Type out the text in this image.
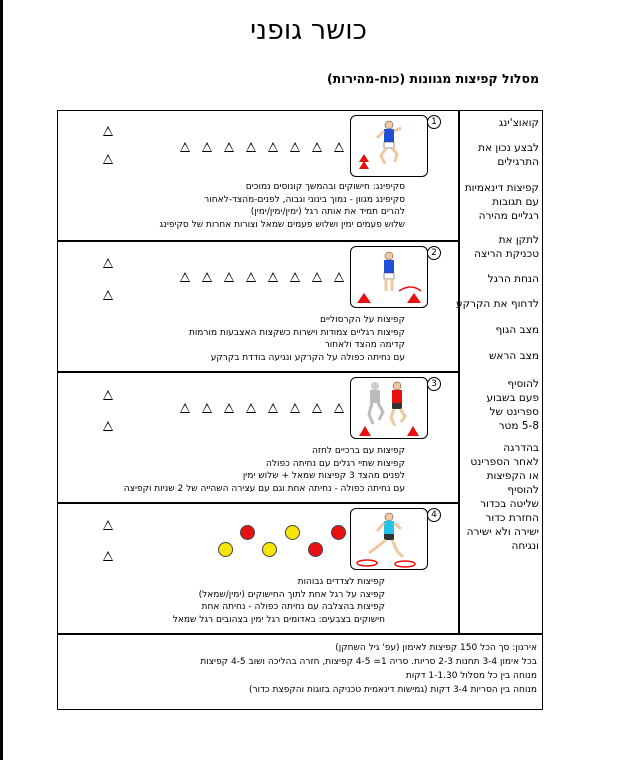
כושר גופני
מסלול קפיצות מגוונות (כוח-מהירות)
קואוצ'ינג
לבצע נכון את
התרגילים
קפיצות דינאמיות
עם תגובות
רגליים מהירה
לתקן את
טכניקת הריצה
הנחת הרגל
לדחוף את הקרקע
מצב הגוף
מצב הראש
להוסיף
פעם בשבוע
ספרינט של
5-8 מטר
בהדרגה
לאחר הספרינט
או הקפיצות
להוסיף
שליטה בכדור
החזרת כדור
ישירה ולא ישירה
ונגיחה
1
סקיפינג: חישוקים ובהמשך קונוסים נמוכים
סקיפינג מגוון - נמוך בינוני וגבוה, לפנים-מהצד-לאחור
להרים תמיד את אותה רגל (ימין/ימין/ימין)
שלוש פעמים ימין ושלוש פעמים שמאל וצורות אחרות של סקיפינג
2
קפיצות על הקרסוליים
קפיצות רגליים צמודות וישרות כשקצות האצבעות מורמות
קדימה מהצד ולאחור
עם נחיתה כפולה על הקרקע ונגיעה בודדת בקרקע
3
קפיצות עם ברכיים לחזה
קפיצות שתיי רגלים עם נחיתה כפולה
לפנים מהצד 3 קפיצות שמאל + שלוש ימין
עם נחיתה כפולה - נחיתה אחת וגם עם עצירה השהייה של 2 שניות וקפיצה
4
קפיצות לצדדים גבוהות
קפיצה על רגל אחת לתוך החישוקים (ימין/שמאל)
קפיצות בהצלבה עם נחיתה כפולה - נחיתה אחת
חישוקים בצבעים: באדומים רגל ימין בצהובים רגל שמאל
אירגון: סך הכל 150 קפיצות לאימון (עפ' גיל השחקן)
בכל אימון 3-4 תחנות 2-3 סריות. סריה 1= 4-5 קפיצות, חזרה בהליכה ושוב 4-5 קפיצות
מנוחה בין כל מסלול 1-1.30 דקות
מנוחה בין הסריות 3-4 דקות (גמישות דינאמית טכניקה בזוגות והקפצת כדור)
